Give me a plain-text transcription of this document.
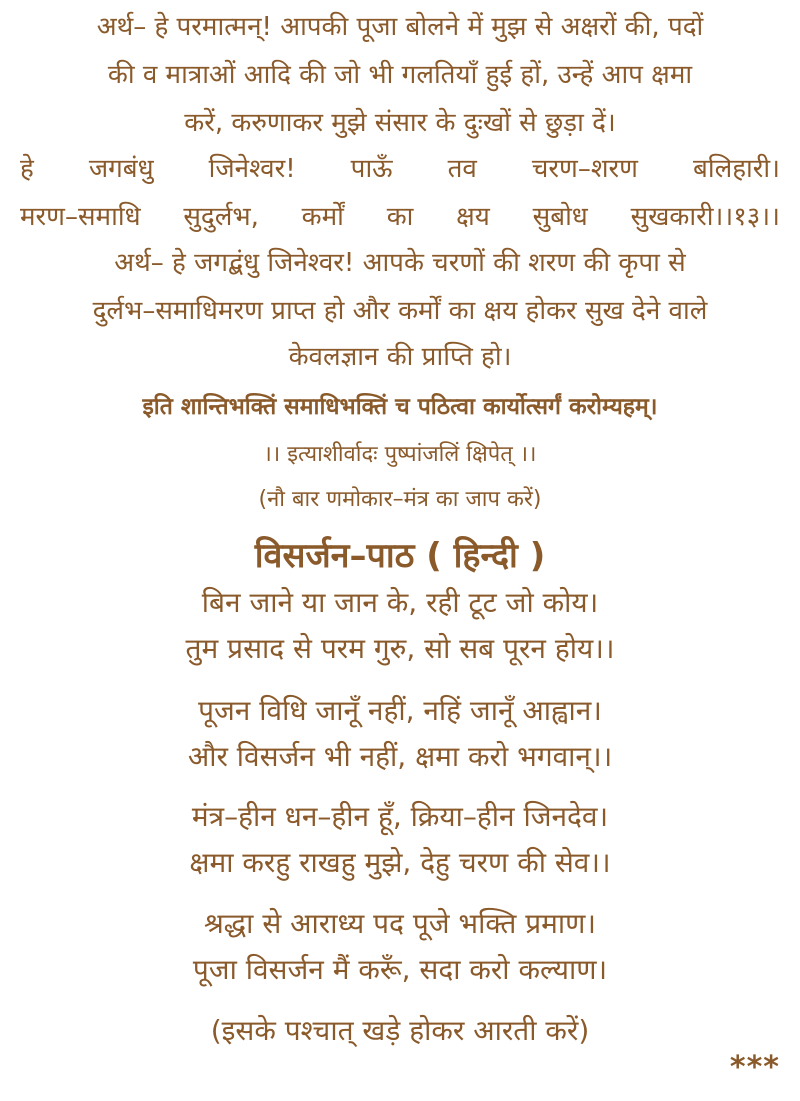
अर्थ– हे परमात्मन्! आपकी पूजा बोलने में मुझ से अक्षरों की, पदों
की व मात्राओं आदि की जो भी गलतियाँ हुई हों, उन्हें आप क्षमा
करें, करुणाकर मुझे संसार के दुःखों से छुड़ा दें।
हे जगबंधु जिनेश्वर! पाऊँ तव चरण–शरण बलिहारी।
मरण–समाधि सुदुर्लभ, कर्मों का क्षय सुबोध सुखकारी।।१३।।
अर्थ– हे जगद्बंधु जिनेश्वर! आपके चरणों की शरण की कृपा से
दुर्लभ–समाधिमरण प्राप्त हो और कर्मों का क्षय होकर सुख देने वाले
केवलज्ञान की प्राप्ति हो।
इति शान्तिभक्तिं समाधिभक्तिं च पठित्वा कार्योत्सर्गं करोम्यहम्।
।। इत्याशीर्वादः पुष्पांजलिं क्षिपेत् ।।
(नौ बार णमोकार–मंत्र का जाप करें)
विसर्जन–पाठ ( हिन्दी )
बिन जाने या जान के, रही टूट जो कोय।
तुम प्रसाद से परम गुरु, सो सब पूरन होय।।
पूजन विधि जानूँ नहीं, नहिं जानूँ आह्वान।
और विसर्जन भी नहीं, क्षमा करो भगवान्।।
मंत्र–हीन धन–हीन हूँ, क्रिया–हीन जिनदेव।
क्षमा करहु राखहु मुझे, देहु चरण की सेव।।
श्रद्धा से आराध्य पद पूजे भक्ति प्रमाण।
पूजा विसर्जन मैं करूँ, सदा करो कल्याण।
(इसके पश्चात् खड़े होकर आरती करें)
***
